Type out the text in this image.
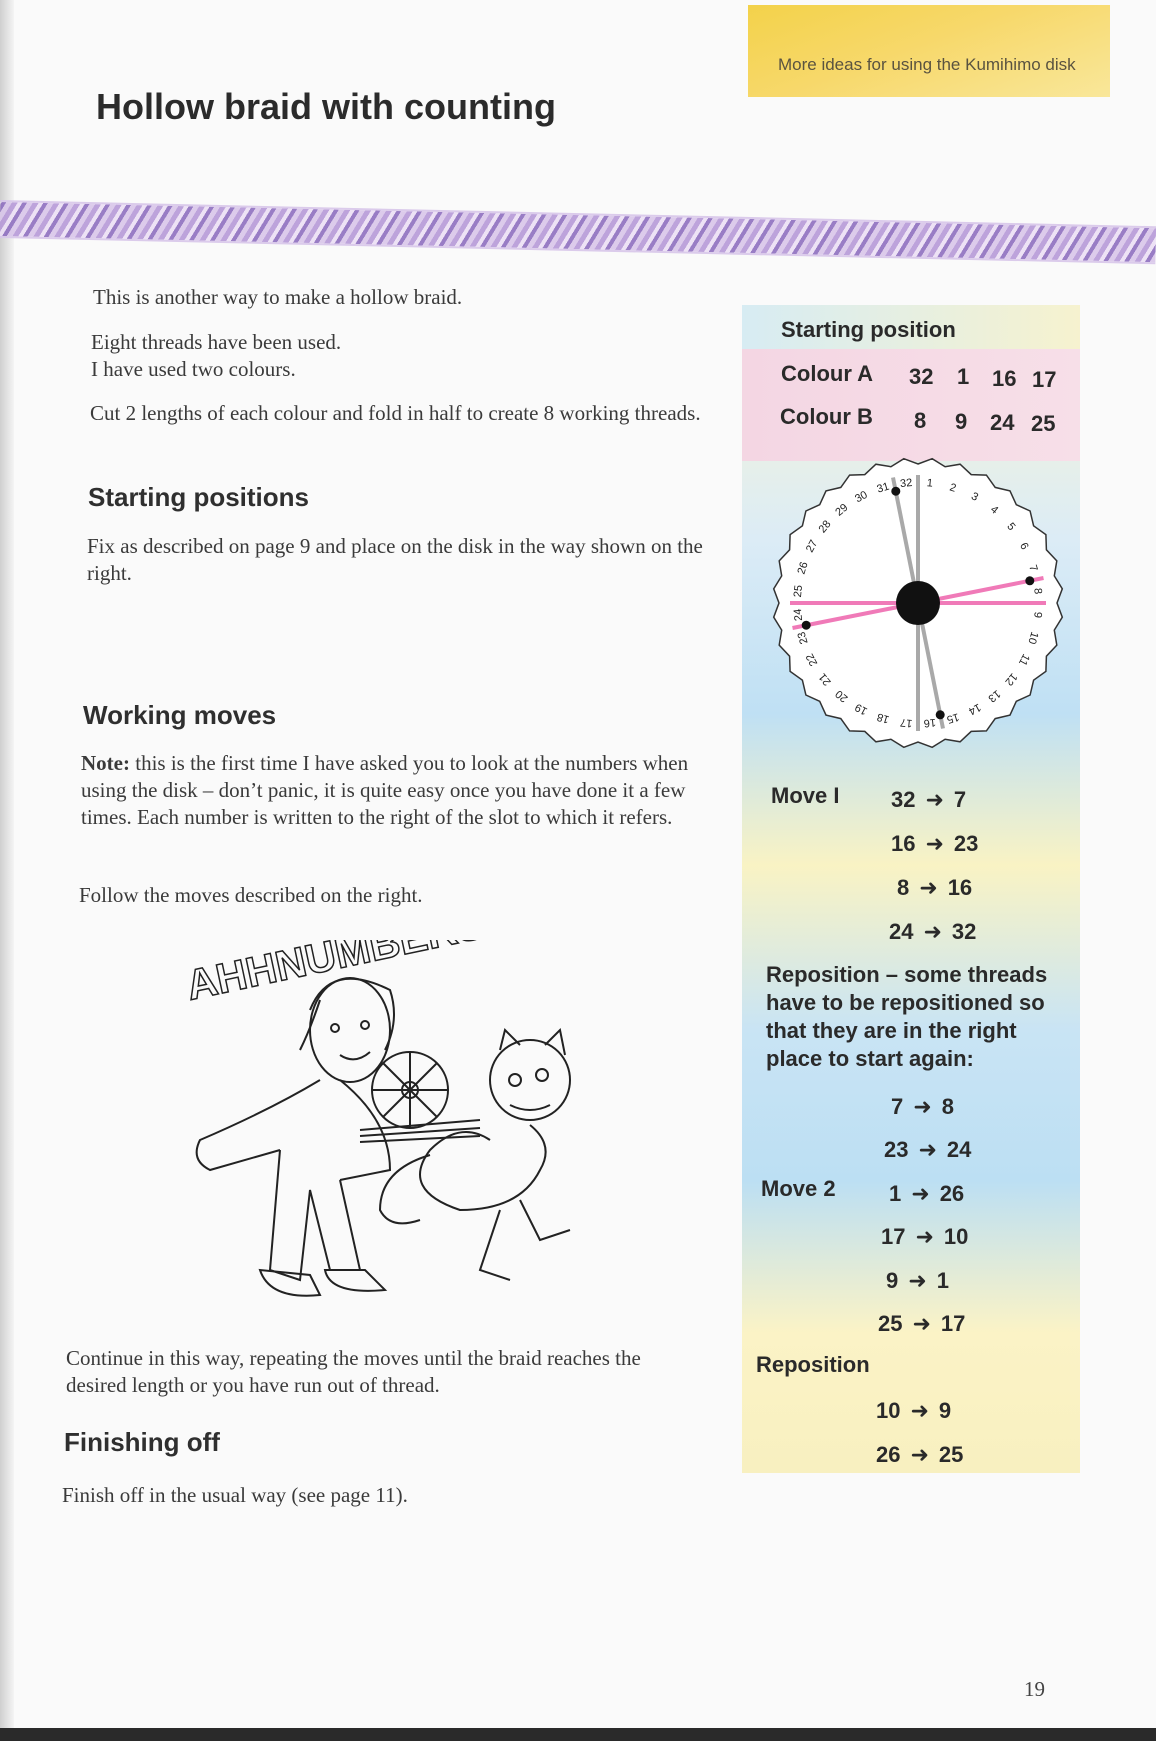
More ideas for using the Kumihimo disk
Hollow braid with counting

This is another way to make a hollow braid.

Eight threads have been used.

I have used two colours.

Cut 2 lengths of each colour and fold in half to create 8 working threads.

Starting positions

Fix as described on page 9 and place on the disk in the way shown on the right.

Working moves

Note: this is the first time I have asked you to look at the numbers when using the disk – don’t panic, it is quite easy once you have done it a few times. Each number is written to the right of the slot to which it refers.

Follow the moves described on the right.

AHHNUMBERS!

Continue in this way, repeating the moves until the braid reaches the desired length or you have run out of thread.

Finishing off

Finish off in the usual way (see page 11).

Starting position

Colour A 32 1 16 17

Colour B 8 9 24 25

1 2
3
4
5
6
7
8
9
10
11
12
13
14
15
16
17
18
19
20
21
22
23
24
25
26
27
28
29
30
31 32

Move I 32 ➜ 7
16 ➜ 23
8 ➜ 16
24 ➜ 32

Reposition – some threads
have to be repositioned so
that they are in the right
place to start again:

7 ➜ 8
23 ➜ 24

Move 2 1 ➜ 26
17 ➜ 10
9 ➜ 1
25 ➜ 17

Reposition

10 ➜ 9
26 ➜ 25
19
